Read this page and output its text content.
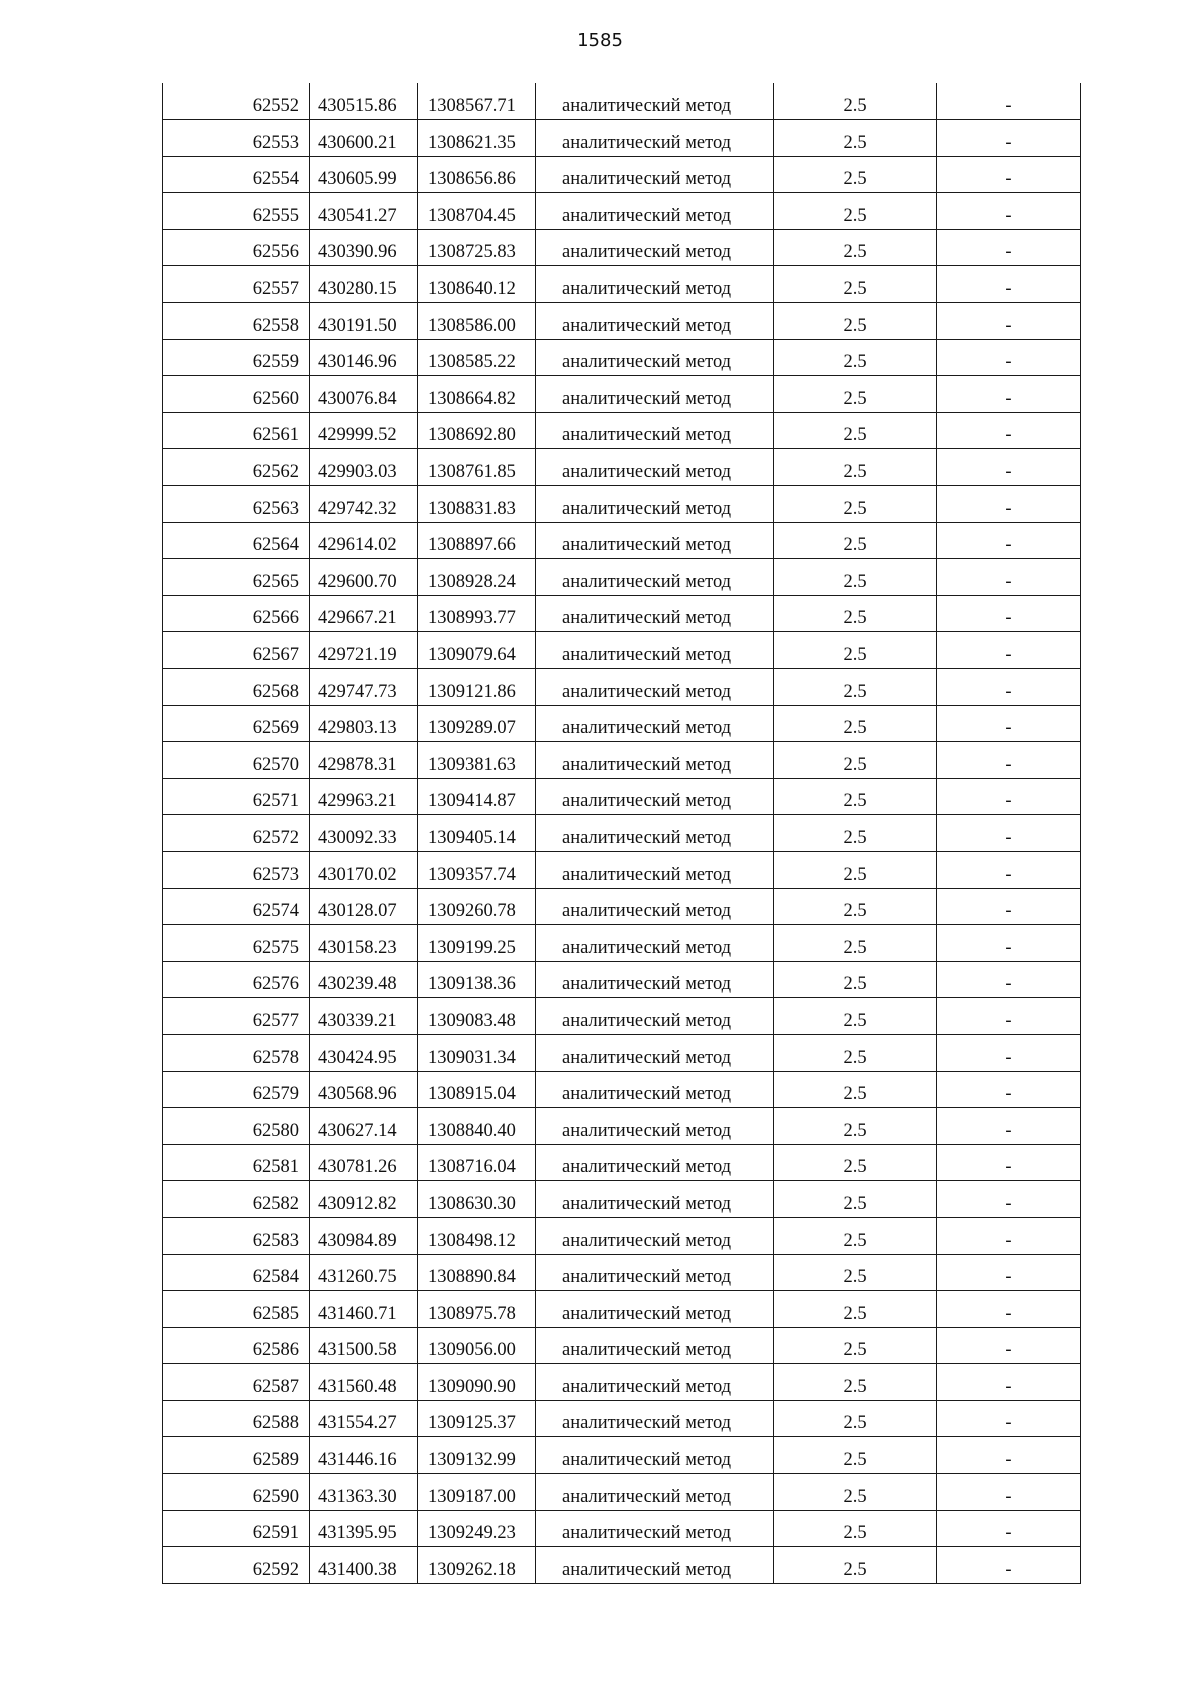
1585
62552	430515.86	1308567.71	аналитический метод	2.5	-
62553	430600.21	1308621.35	аналитический метод	2.5	-
62554	430605.99	1308656.86	аналитический метод	2.5	-
62555	430541.27	1308704.45	аналитический метод	2.5	-
62556	430390.96	1308725.83	аналитический метод	2.5	-
62557	430280.15	1308640.12	аналитический метод	2.5	-
62558	430191.50	1308586.00	аналитический метод	2.5	-
62559	430146.96	1308585.22	аналитический метод	2.5	-
62560	430076.84	1308664.82	аналитический метод	2.5	-
62561	429999.52	1308692.80	аналитический метод	2.5	-
62562	429903.03	1308761.85	аналитический метод	2.5	-
62563	429742.32	1308831.83	аналитический метод	2.5	-
62564	429614.02	1308897.66	аналитический метод	2.5	-
62565	429600.70	1308928.24	аналитический метод	2.5	-
62566	429667.21	1308993.77	аналитический метод	2.5	-
62567	429721.19	1309079.64	аналитический метод	2.5	-
62568	429747.73	1309121.86	аналитический метод	2.5	-
62569	429803.13	1309289.07	аналитический метод	2.5	-
62570	429878.31	1309381.63	аналитический метод	2.5	-
62571	429963.21	1309414.87	аналитический метод	2.5	-
62572	430092.33	1309405.14	аналитический метод	2.5	-
62573	430170.02	1309357.74	аналитический метод	2.5	-
62574	430128.07	1309260.78	аналитический метод	2.5	-
62575	430158.23	1309199.25	аналитический метод	2.5	-
62576	430239.48	1309138.36	аналитический метод	2.5	-
62577	430339.21	1309083.48	аналитический метод	2.5	-
62578	430424.95	1309031.34	аналитический метод	2.5	-
62579	430568.96	1308915.04	аналитический метод	2.5	-
62580	430627.14	1308840.40	аналитический метод	2.5	-
62581	430781.26	1308716.04	аналитический метод	2.5	-
62582	430912.82	1308630.30	аналитический метод	2.5	-
62583	430984.89	1308498.12	аналитический метод	2.5	-
62584	431260.75	1308890.84	аналитический метод	2.5	-
62585	431460.71	1308975.78	аналитический метод	2.5	-
62586	431500.58	1309056.00	аналитический метод	2.5	-
62587	431560.48	1309090.90	аналитический метод	2.5	-
62588	431554.27	1309125.37	аналитический метод	2.5	-
62589	431446.16	1309132.99	аналитический метод	2.5	-
62590	431363.30	1309187.00	аналитический метод	2.5	-
62591	431395.95	1309249.23	аналитический метод	2.5	-
62592	431400.38	1309262.18	аналитический метод	2.5	-
